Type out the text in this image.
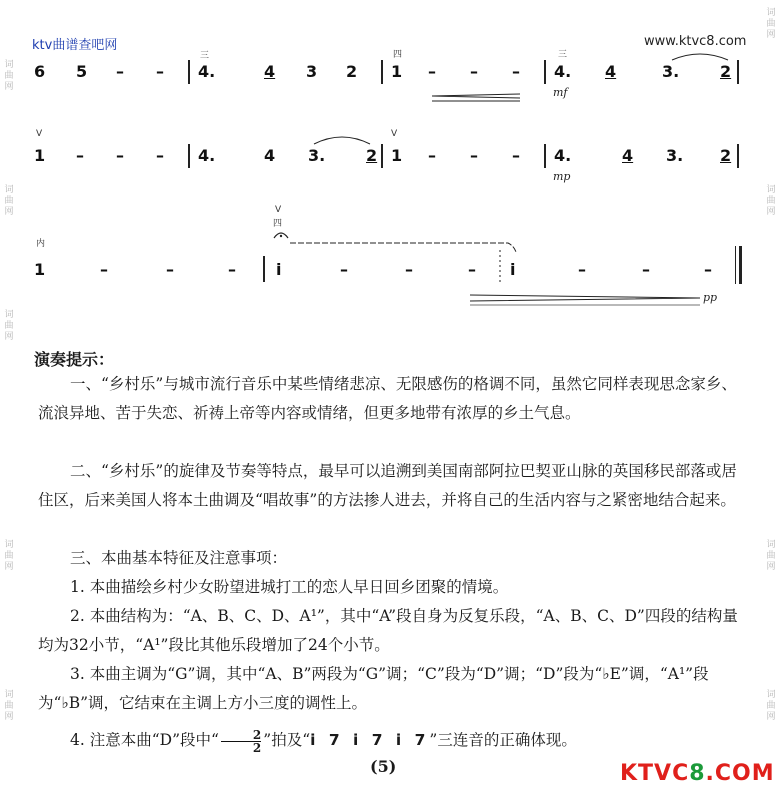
ktv曲谱查吧网	www.ktvc8.com
词曲网
词曲网
词曲网
词曲网
词曲网
词曲网
词曲网
词曲网
词曲网
6 5 – –
三
4.	4 3 2
四
1 – – –
三
4. 4	3.	2
mf
V
1 – – – 4.	4 3.	2
V
1 – – – 4.	4 3. 2
mp
内
1	–	–	–
V
四
i	–	–	– i	–	–	–
pp
演奏提示：
一、“乡村乐”与城市流行音乐中某些情绪悲凉、无限感伤的格调不同，虽然它同样表现思念家乡、流浪异地、苦于失恋、祈祷上帝等内容或情绪，但更多地带有浓厚的乡土气息。
二、“乡村乐”的旋律及节奏等特点，最早可以追溯到美国南部阿拉巴契亚山脉的英国移民部落或居住区，后来美国人将本土曲调及“唱故事”的方法掺人进去，并将自己的生活内容与之紧密地结合起来。
三、本曲基本特征及注意事项：
1. 本曲描绘乡村少女盼望进城打工的恋人早日回乡团聚的情境。
2. 本曲结构为：“A、B、C、D、A¹”，其中“A”段自身为反复乐段，“A、B、C、D”四段的结构量均为32小节，“A¹”段比其他乐段增加了24个小节。
3. 本曲主调为“G”调，其中“A、B”两段为“G”调；“C”段为“D”调；“D”段为“♭E”调，“A¹”段为“♭B”调，它结束在主调上方小三度的调性上。
4. 注意本曲“D”段中“ $\frac{2}{2}$ ”拍及“i 7 i 7 i 7”三连音的正确体现。
(5)	KTVC8.COM
